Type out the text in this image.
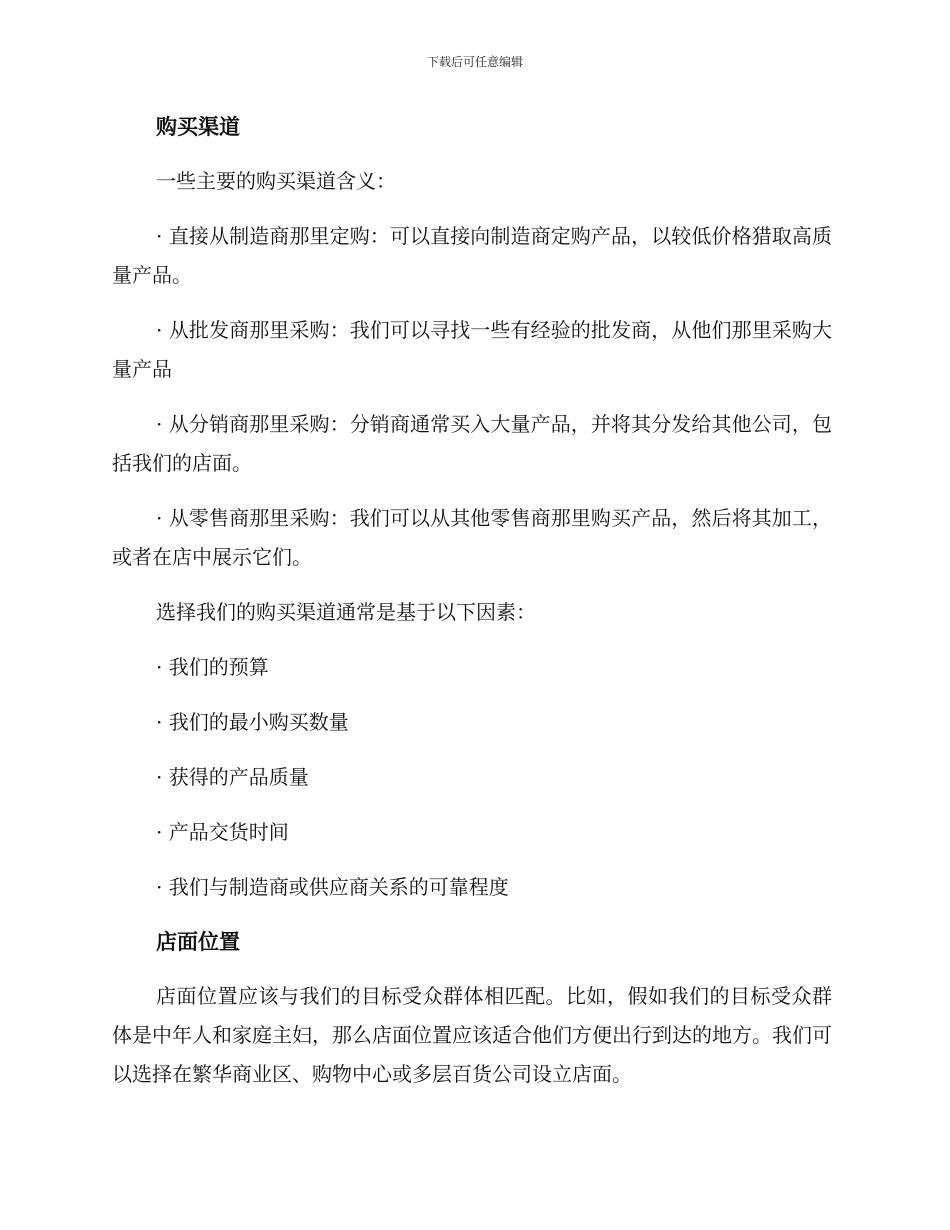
下载后可任意编辑
购买渠道
一些主要的购买渠道含义：
· 直接从制造商那里定购：可以直接向制造商定购产品，以较低价格猎取高质量产品。
· 从批发商那里采购：我们可以寻找一些有经验的批发商，从他们那里采购大量产品
· 从分销商那里采购：分销商通常买入大量产品，并将其分发给其他公司，包括我们的店面。
· 从零售商那里采购：我们可以从其他零售商那里购买产品，然后将其加工，或者在店中展示它们。
选择我们的购买渠道通常是基于以下因素：
· 我们的预算
· 我们的最小购买数量
· 获得的产品质量
· 产品交货时间
· 我们与制造商或供应商关系的可靠程度
店面位置
店面位置应该与我们的目标受众群体相匹配。比如，假如我们的目标受众群体是中年人和家庭主妇，那么店面位置应该适合他们方便出行到达的地方。我们可以选择在繁华商业区、购物中心或多层百货公司设立店面。
